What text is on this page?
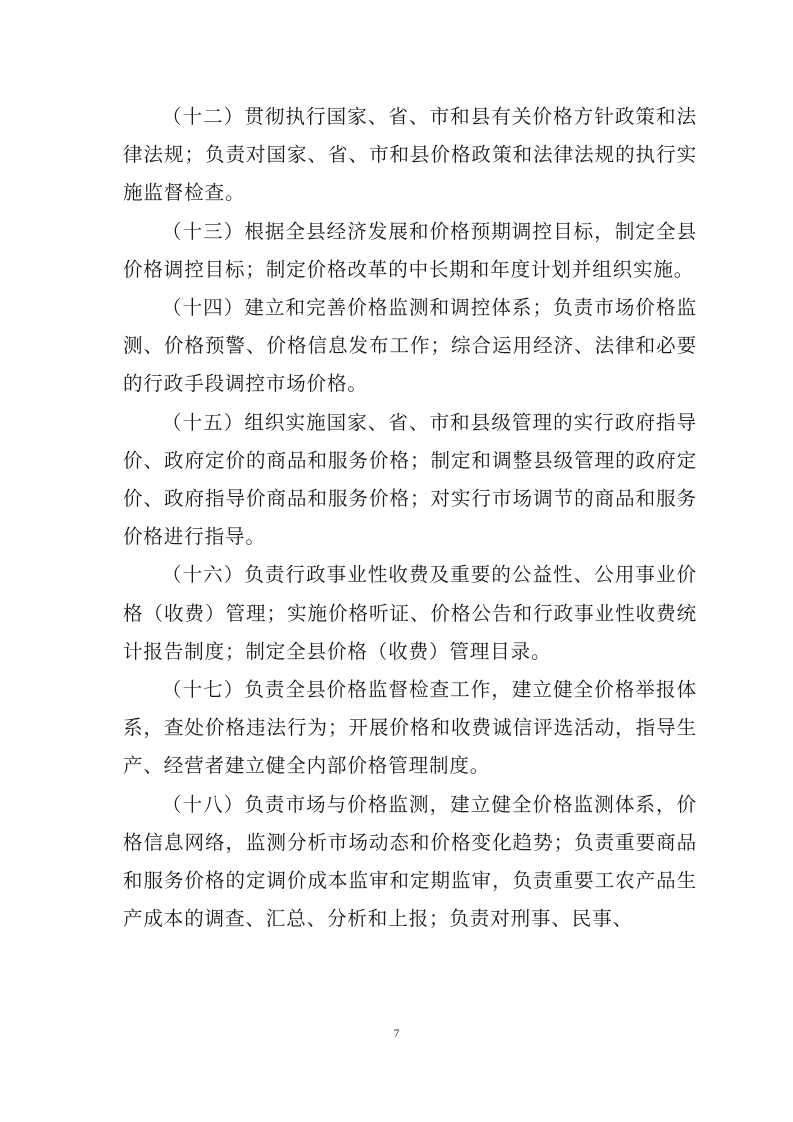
（十二）贯彻执行国家、省、市和县有关价格方针政策和法律法规；负责对国家、省、市和县价格政策和法律法规的执行实施监督检查。

（十三）根据全县经济发展和价格预期调控目标，制定全县价格调控目标；制定价格改革的中长期和年度计划并组织实施。

（十四）建立和完善价格监测和调控体系；负责市场价格监测、价格预警、价格信息发布工作；综合运用经济、法律和必要的行政手段调控市场价格。

（十五）组织实施国家、省、市和县级管理的实行政府指导价、政府定价的商品和服务价格；制定和调整县级管理的政府定价、政府指导价商品和服务价格；对实行市场调节的商品和服务价格进行指导。

（十六）负责行政事业性收费及重要的公益性、公用事业价格（收费）管理；实施价格听证、价格公告和行政事业性收费统计报告制度；制定全县价格（收费）管理目录。

（十七）负责全县价格监督检查工作，建立健全价格举报体系，查处价格违法行为；开展价格和收费诚信评选活动，指导生产、经营者建立健全内部价格管理制度。

（十八）负责市场与价格监测，建立健全价格监测体系，价格信息网络，监测分析市场动态和价格变化趋势；负责重要商品和服务价格的定调价成本监审和定期监审，负责重要工农产品生产成本的调查、汇总、分析和上报；负责对刑事、民事、

7
